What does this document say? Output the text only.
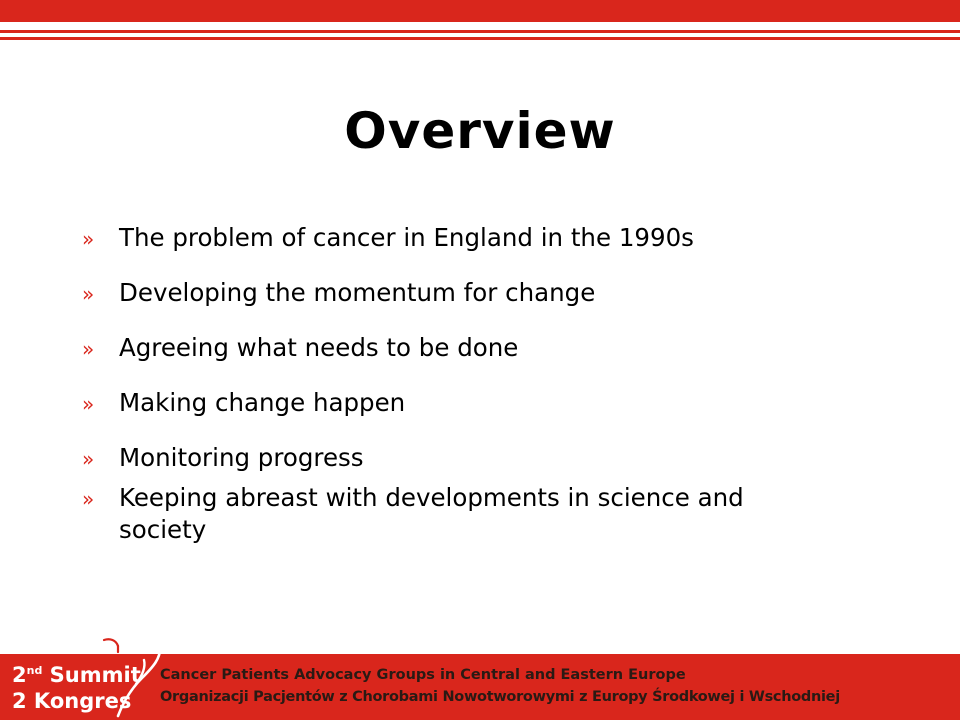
Overview
» The problem of cancer in England in the 1990s
» Developing the momentum for change
» Agreeing what needs to be done
» Making change happen
» Monitoring progress
» Keeping abreast with developments in science and society
2nd Summit
2 Kongres
Cancer Patients Advocacy Groups in Central and Eastern Europe
Organizacji Pacjentów z Chorobami Nowotworowymi z Europy Środkowej i Wschodniej
